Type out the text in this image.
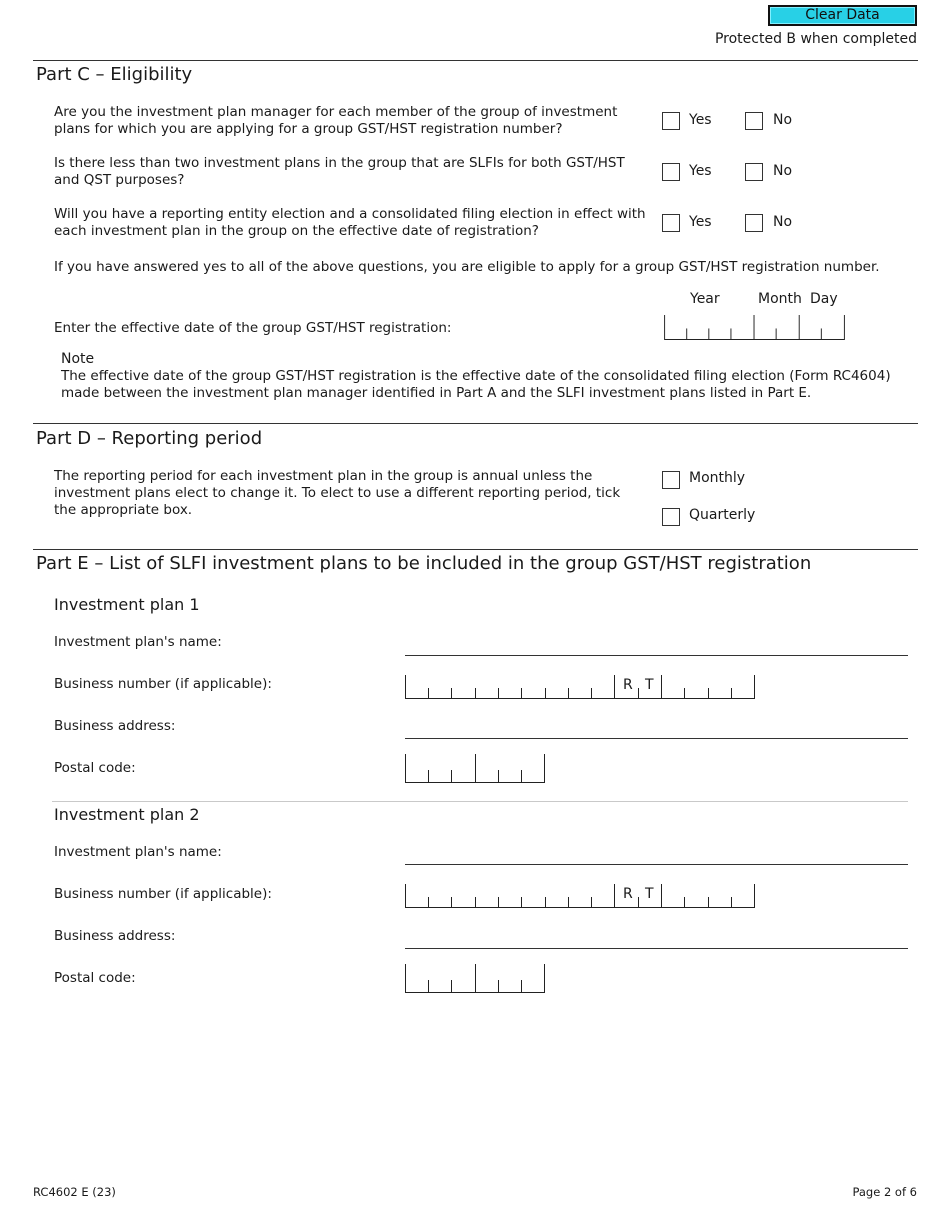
Clear Data
Protected B when completed
Part C – Eligibility
Are you the investment plan manager for each member of the group of investment plans for which you are applying for a group GST/HST registration number?
Yes	No
Is there less than two investment plans in the group that are SLFIs for both GST/HST and QST purposes?
Yes	No
Will you have a reporting entity election and a consolidated filing election in effect with each investment plan in the group on the effective date of registration?
Yes	No
If you have answered yes to all of the above questions, you are eligible to apply for a group GST/HST registration number.
Year	Month Day
Enter the effective date of the group GST/HST registration:
Note
The effective date of the group GST/HST registration is the effective date of the consolidated filing election (Form RC4604) made between the investment plan manager identified in Part A and the SLFI investment plans listed in Part E.
Part D – Reporting period
The reporting period for each investment plan in the group is annual unless the investment plans elect to change it. To elect to use a different reporting period, tick the appropriate box.
Monthly
Quarterly
Part E – List of SLFI investment plans to be included in the group GST/HST registration
Investment plan 1
Investment plan's name:
Business number (if applicable):	R T
Business address:
Postal code:
Investment plan 2
Investment plan's name:
Business number (if applicable):	R T
Business address:
Postal code:
RC4602 E (23)	Page 2 of 6
